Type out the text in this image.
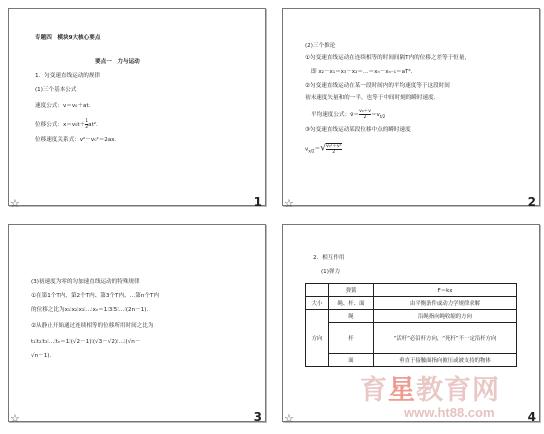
专题四　模块9大核心要点
要点一　力与运动
1．匀变速直线运动的规律
(1)三个基本公式
速度公式：v＝v₀＋at.
位移公式：$x=v_0t+ \frac{1}{2} at^2$.
位移速度关系式：v²－v₀²＝2ax.
☆	1
(2)三个推论
①匀变速直线运动在连续相等的时间间隔T内的位移之差等于恒量，
即 x₂－x₁＝x₃－x₂＝…＝xₙ－xₙ₋₁＝aT².
②匀变速直线运动在某一段时间内的平均速度等于这段时间
初末速度矢量和的一半，也等于中间时刻的瞬时速度．
平均速度公式：v̄＝ $\frac{\text{v₀＋v}}{2} =v_{t/2}$
③匀变速直线运动某段位移中点的瞬时速度
$v_{x/2}=√ \frac{\text{v₀²＋v²}}{2}$
☆	2
(3)初速度为零的匀加速直线运动的特殊规律
①在第1个T内、第2个T内、第3个T内、…第n个T内
的位移之比为x₁∶x₂∶x₃∶…∶xₙ＝1∶3∶5∶…∶(2n－1)．
②从静止开始通过连续相等的位移所用时间之比为
t₁∶t₂∶t₃∶…∶tₙ＝1∶(√2－1)∶(√3－√2)∶…∶(√n－
√n－1)．
☆	3
2．相互作用
(1)弹力
	弹簧	F＝kx
大小	绳、杆、面	由平衡条件或动力学规律求解
方向	绳	沿绳指向绳收缩的方向
	杆	“活杆”必沿杆方向，“死杆”不一定沿杆方向
	面	垂直于接触面指向被压或被支持的物体
☆	4
育星教育网
www.ht88.com
